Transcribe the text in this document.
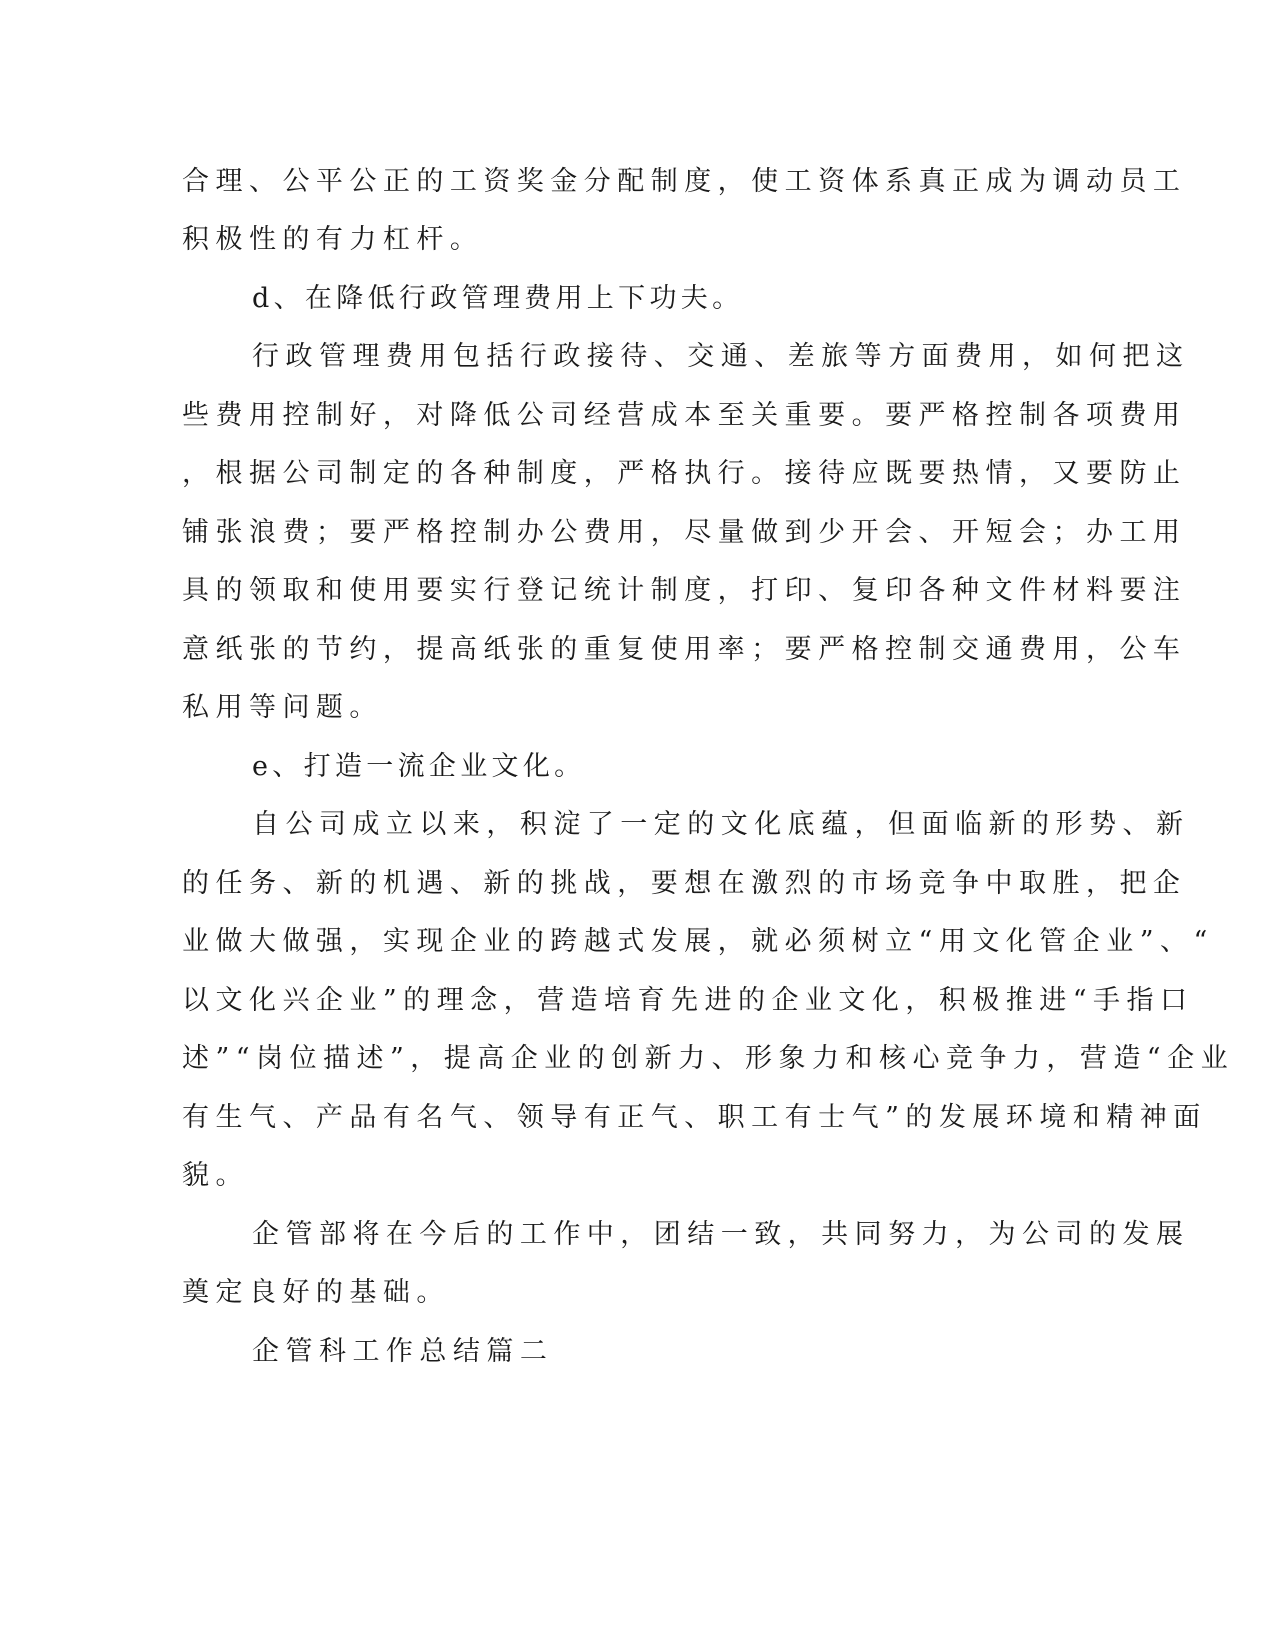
合理、公平公正的工资奖金分配制度，使工资体系真正成为调动员工
积极性的有力杠杆。
d、在降低行政管理费用上下功夫。
行政管理费用包括行政接待、交通、差旅等方面费用，如何把这
些费用控制好，对降低公司经营成本至关重要。要严格控制各项费用
，根据公司制定的各种制度，严格执行。接待应既要热情，又要防止
铺张浪费；要严格控制办公费用，尽量做到少开会、开短会；办工用
具的领取和使用要实行登记统计制度，打印、复印各种文件材料要注
意纸张的节约，提高纸张的重复使用率；要严格控制交通费用，公车
私用等问题。
e、打造一流企业文化。
自公司成立以来，积淀了一定的文化底蕴，但面临新的形势、新
的任务、新的机遇、新的挑战，要想在激烈的市场竞争中取胜，把企
业做大做强，实现企业的跨越式发展，就必须树立“用文化管企业”、“
以文化兴企业”的理念，营造培育先进的企业文化，积极推进“手指口
述”“岗位描述”，提高企业的创新力、形象力和核心竞争力，营造“企业
有生气、产品有名气、领导有正气、职工有士气”的发展环境和精神面
貌。
企管部将在今后的工作中，团结一致，共同努力，为公司的发展
奠定良好的基础。
企管科工作总结篇二
